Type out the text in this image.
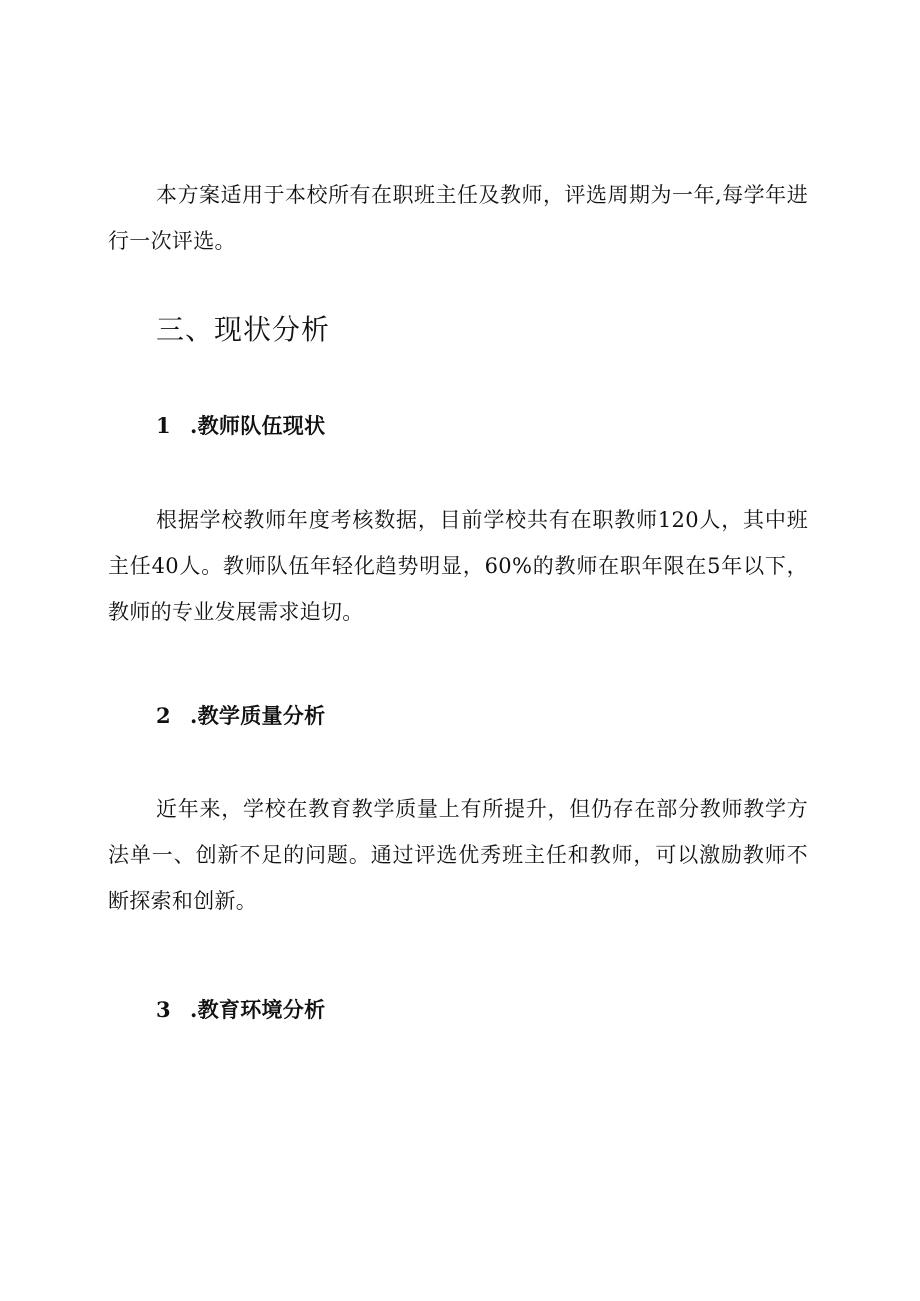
本方案适用于本校所有在职班主任及教师，评选周期为一年,每学年进行一次评选。

三、现状分析
1 .教师队伍现状

根据学校教师年度考核数据，目前学校共有在职教师120人，其中班主任40人。教师队伍年轻化趋势明显，60%的教师在职年限在5年以下，教师的专业发展需求迫切。

2 .教学质量分析

近年来，学校在教育教学质量上有所提升，但仍存在部分教师教学方法单一、创新不足的问题。通过评选优秀班主任和教师，可以激励教师不断探索和创新。

3 .教育环境分析
